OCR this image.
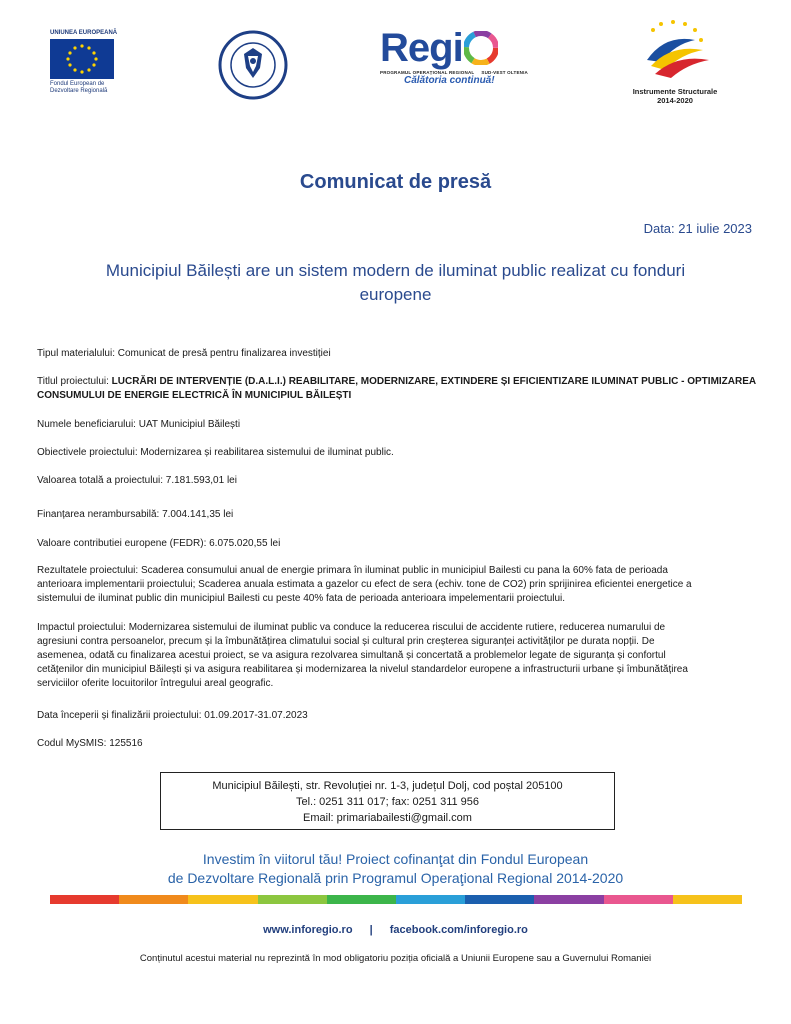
UNIUNEA EUROPEANĂ
Fondul European de
Dezvoltare Regională
Regi
PROGRAMUL OPERAȚIONAL REGIONAL SUD-VEST OLTENIA
Călătoria continuă!
Instrumente Structurale
2014-2020
Comunicat de presă
Data: 21 iulie 2023
Municipiul Băilești are un sistem modern de iluminat public realizat cu fonduri
europene
Tipul materialului: Comunicat de presă pentru finalizarea investiției
Titlul proiectului: LUCRĂRI DE INTERVENȚIE (D.A.L.I.) REABILITARE, MODERNIZARE, EXTINDERE ȘI EFICIENTIZARE ILUMINAT PUBLIC - OPTIMIZAREA
CONSUMULUI DE ENERGIE ELECTRICĂ ÎN MUNICIPIUL BĂILEȘTI
Numele beneficiarului: UAT Municipiul Băilești
Obiectivele proiectului: Modernizarea și reabilitarea sistemului de iluminat public.
Valoarea totală a proiectului: 7.181.593,01 lei
Finanțarea nerambursabilă: 7.004.141,35 lei
Valoare contributiei europene (FEDR): 6.075.020,55 lei
Rezultatele proiectului: Scaderea consumului anual de energie primara în iluminat public in municipiul Bailesti cu pana la 60% fata de perioada
anterioara implementarii proiectului; Scaderea anuala estimata a gazelor cu efect de sera (echiv. tone de CO2) prin sprijinirea eficientei energetice a
sistemului de iluminat public din municipiul Bailesti cu peste 40% fata de perioada anterioara impelementarii proiectului.
Impactul proiectului: Modernizarea sistemului de iluminat public va conduce la reducerea riscului de accidente rutiere, reducerea numarului de
agresiuni contra persoanelor, precum și la îmbunătățirea climatului social și cultural prin creșterea siguranței activităților pe durata nopții. De
asemenea, odată cu finalizarea acestui proiect, se va asigura rezolvarea simultană și concertată a problemelor legate de siguranța și confortul
cetățenilor din municipiul Băilești și va asigura reabilitarea și modernizarea la nivelul standardelor europene a infrastructurii urbane și îmbunătățirea
serviciilor oferite locuitorilor întregului areal geografic.
Data începerii și finalizării proiectului: 01.09.2017-31.07.2023
Codul MySMIS: 125516
Municipiul Băilești, str. Revoluției nr. 1-3, județul Dolj, cod poștal 205100
Tel.: 0251 311 017; fax: 0251 311 956
Email: primariabailesti@gmail.com
Investim în viitorul tău! Proiect cofinanţat din Fondul European
de Dezvoltare Regională prin Programul Operaţional Regional 2014-2020
www.inforegio.ro | facebook.com/inforegio.ro
Conținutul acestui material nu reprezintă în mod obligatoriu poziția oficială a Uniunii Europene sau a Guvernului Romaniei
